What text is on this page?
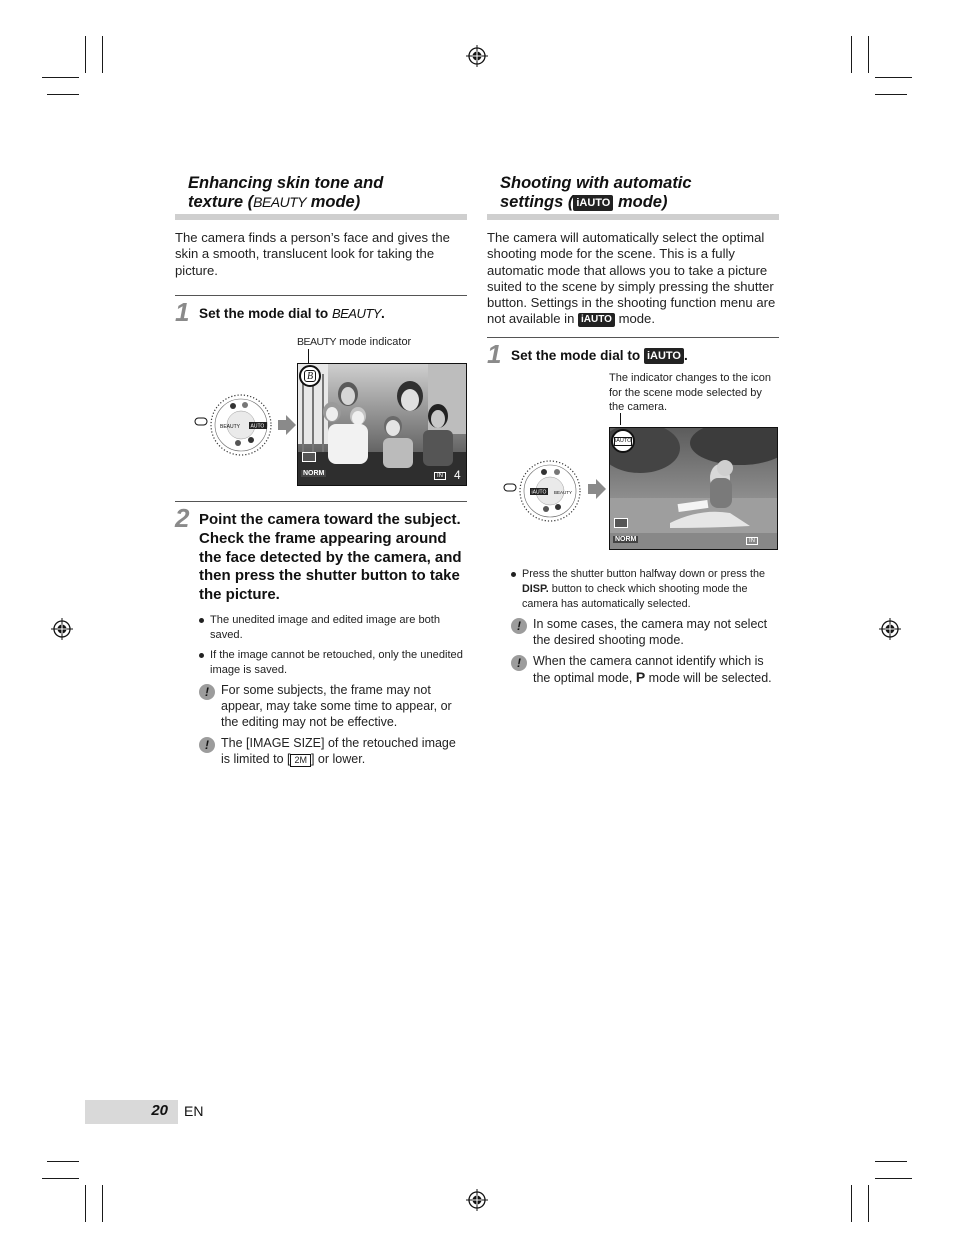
Enhancing skin tone and
texture (BEAUTY mode)

The camera finds a person’s face and gives the skin a smooth, translucent look for taking the picture.

1 Set the mode dial to BEAUTY.
BEAUTY mode indicator
BEAUTY AUTO
B
NORM	IN 4
2 Point the camera toward the subject. Check the frame appearing around the face detected by the camera, and then press the shutter button to take the picture.
The unedited image and edited image are both saved.
If the image cannot be retouched, only the unedited image is saved.
! For some subjects, the frame may not appear, may take some time to appear, or the editing may not be effective.
! The [IMAGE SIZE] of the retouched image is limited to [ 2M ] or lower.
Shooting with automatic
settings ( iAUTO mode)

The camera will automatically select the optimal shooting mode for the scene. This is a fully automatic mode that allows you to take a picture suited to the scene by simply pressing the shutter button. Settings in the shooting function menu are not available in iAUTO mode.

1 Set the mode dial to iAUTO .
The indicator changes to the icon for the scene mode selected by the camera.
iAUTO BEAUTY
iAUTO
NORM	IN
Press the shutter button halfway down or press the DISP. button to check which shooting mode the camera has automatically selected.
! In some cases, the camera may not select the desired shooting mode.
! When the camera cannot identify which is the optimal mode, P mode will be selected.
20 EN
